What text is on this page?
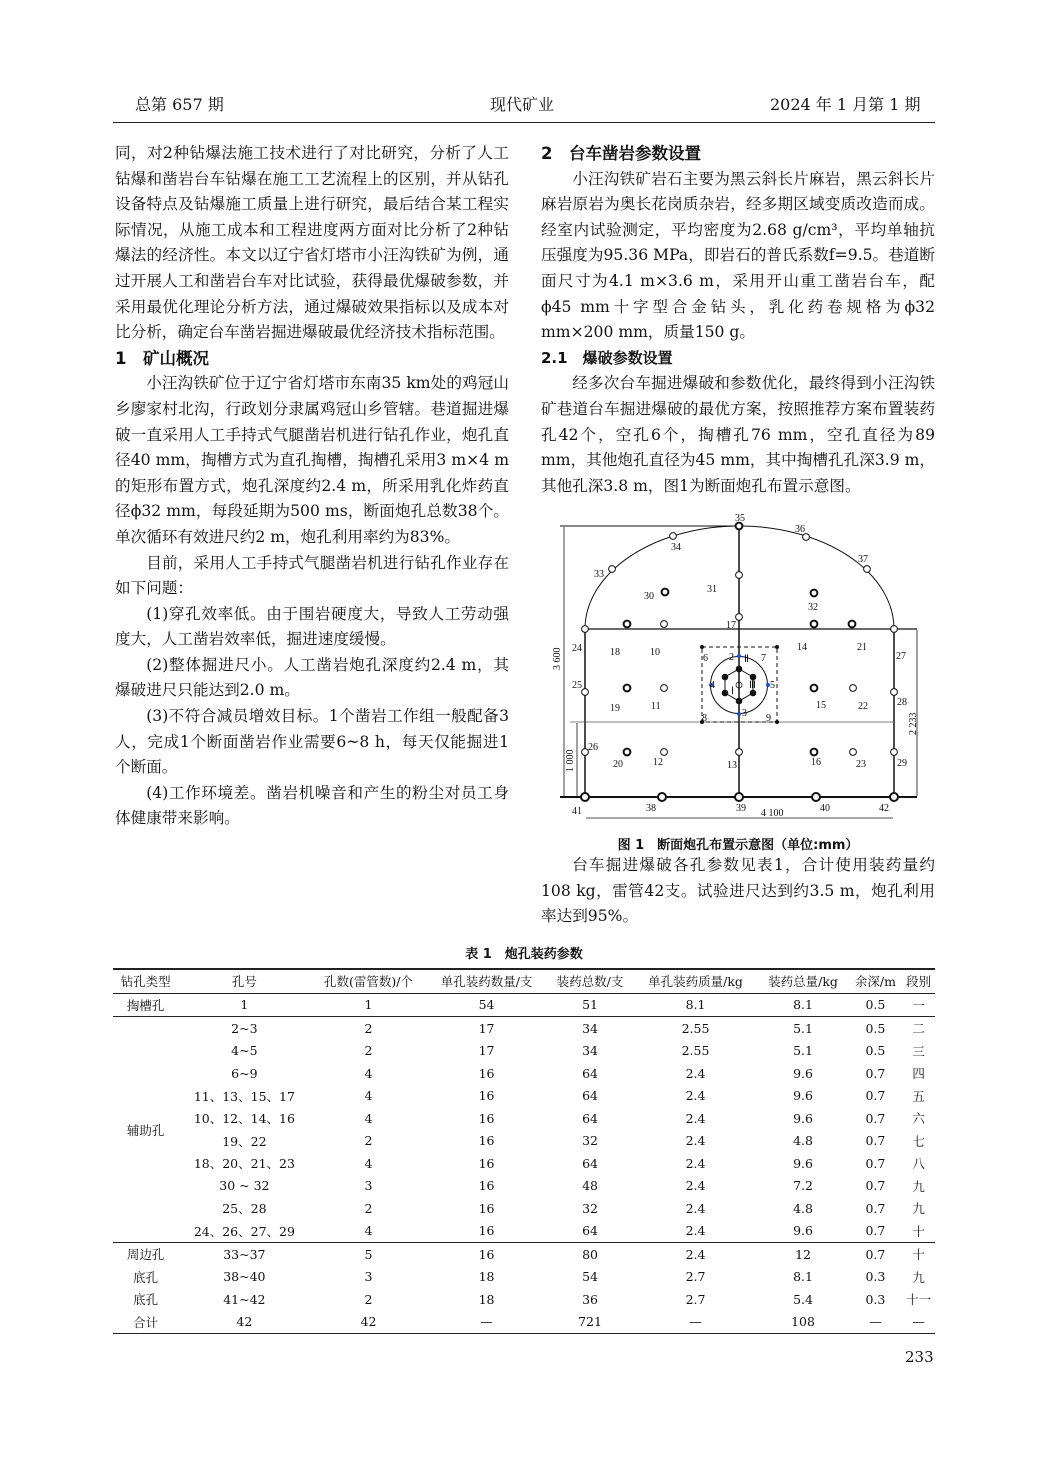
总第 657 期	现代矿业	2024 年 1 月第 1 期

同，对2种钻爆法施工技术进行了对比研究，分析了人工钻爆和凿岩台车钻爆在施工工艺流程上的区别，并从钻孔设备特点及钻爆施工质量上进行研究，最后结合某工程实际情况，从施工成本和工程进度两方面对比分析了2种钻爆法的经济性。本文以辽宁省灯塔市小汪沟铁矿为例，通过开展人工和凿岩台车对比试验，获得最优爆破参数，并采用最优化理论分析方法，通过爆破效果指标以及成本对比分析，确定台车凿岩掘进爆破最优经济技术指标范围。

1　矿山概况

小汪沟铁矿位于辽宁省灯塔市东南35 km处的鸡冠山乡廖家村北沟，行政划分隶属鸡冠山乡管辖。巷道掘进爆破一直采用人工手持式气腿凿岩机进行钻孔作业，炮孔直径40 mm，掏槽方式为直孔掏槽，掏槽孔采用3 m×4 m的矩形布置方式，炮孔深度约2.4 m，所采用乳化炸药直径ϕ32 mm，每段延期为500 ms，断面炮孔总数38个。单次循环有效进尺约2 m，炮孔利用率约为83%。

目前，采用人工手持式气腿凿岩机进行钻孔作业存在如下问题：

(1)穿孔效率低。由于围岩硬度大，导致人工劳动强度大，人工凿岩效率低，掘进速度缓慢。

(2)整体掘进尺小。人工凿岩炮孔深度约2.4 m，其爆破进尺只能达到2.0 m。

(3)不符合减员增效目标。1个凿岩工作组一般配备3人，完成1个断面凿岩作业需要6~8 h，每天仅能掘进1个断面。

(4)工作环境差。凿岩机噪音和产生的粉尘对员工身体健康带来影响。

2　台车凿岩参数设置

小汪沟铁矿岩石主要为黑云斜长片麻岩，黑云斜长片麻岩原岩为奥长花岗质杂岩，经多期区域变质改造而成。经室内试验测定，平均密度为2.68 g/cm³，平均单轴抗压强度为95.36 MPa，即岩石的普氏系数f=9.5。巷道断面尺寸为4.1 m×3.6 m，采用开山重工凿岩台车，配ϕ45 mm十字型合金钻头，乳化药卷规格为ϕ32 mm×200 mm，质量150 g。

2.1　爆破参数设置

经多次台车掘进爆破和参数优化，最终得到小汪沟铁矿巷道台车掘进爆破的最优方案，按照推荐方案布置装药孔42个，空孔6个，掏槽孔76 mm，空孔直径为89 mm，其他炮孔直径为45 mm，其中掏槽孔孔深3.9 m，其他孔深3.8 m，图1为断面炮孔布置示意图。

35
34
36
33
37
30
31
32
17
24	18	10	14	21
27
25
28
19	11	15	22
2 Ⅱ
6	7
4	5
Ⅰ
Ⅲ
3
8	9
26
20	12	13	16	23	29
41	38	39	40	42
3 600
1 000
2 233
4 100
图 1　断面炮孔布置示意图（单位:mm）

台车掘进爆破各孔参数见表1，合计使用装药量约108 kg，雷管42支。试验进尺达到约3.5 m，炮孔利用率达到95%。

表 1　炮孔装药参数
钻孔类型	孔号	孔数(雷管数)/个	单孔装药数量/支	装药总数/支	单孔装药质量/kg	装药总量/kg	余深/m	段别
掏槽孔	1	1	54	51	8.1	8.1	0.5	一
辅助孔	2~3	2	17	34	2.55	5.1	0.5	二
	4~5	2	17	34	2.55	5.1	0.5	三
	6~9	4	16	64	2.4	9.6	0.7	四
	11、13、15、17	4	16	64	2.4	9.6	0.7	五
	10、12、14、16	4	16	64	2.4	9.6	0.7	六
	19、22	2	16	32	2.4	4.8	0.7	七
	18、20、21、23	4	16	64	2.4	9.6	0.7	八
	30 ~ 32	3	16	48	2.4	7.2	0.7	九
	25、28	2	16	32	2.4	4.8	0.7	九
	24、26、27、29	4	16	64	2.4	9.6	0.7	十
周边孔	33~37	5	16	80	2.4	12	0.7	十
底孔	38~40	3	18	54	2.7	8.1	0.3	九
底孔	41~42	2	18	36	2.7	5.4	0.3	十一
合计	42	42	—	721	—	108	—	—
233
